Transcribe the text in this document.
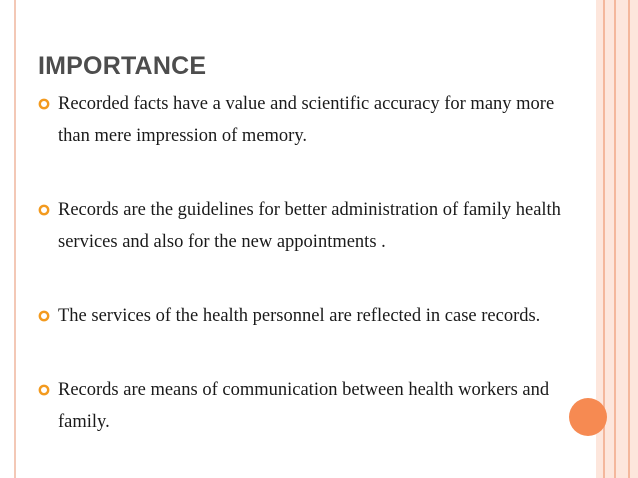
IMPORTANCE
Recorded facts have a value and scientific accuracy for many more than mere impression of memory.
Records are the guidelines for better administration of family health services and also for the new appointments .
The services of the health personnel are reflected in case records.
Records are means of communication between health workers and family.
